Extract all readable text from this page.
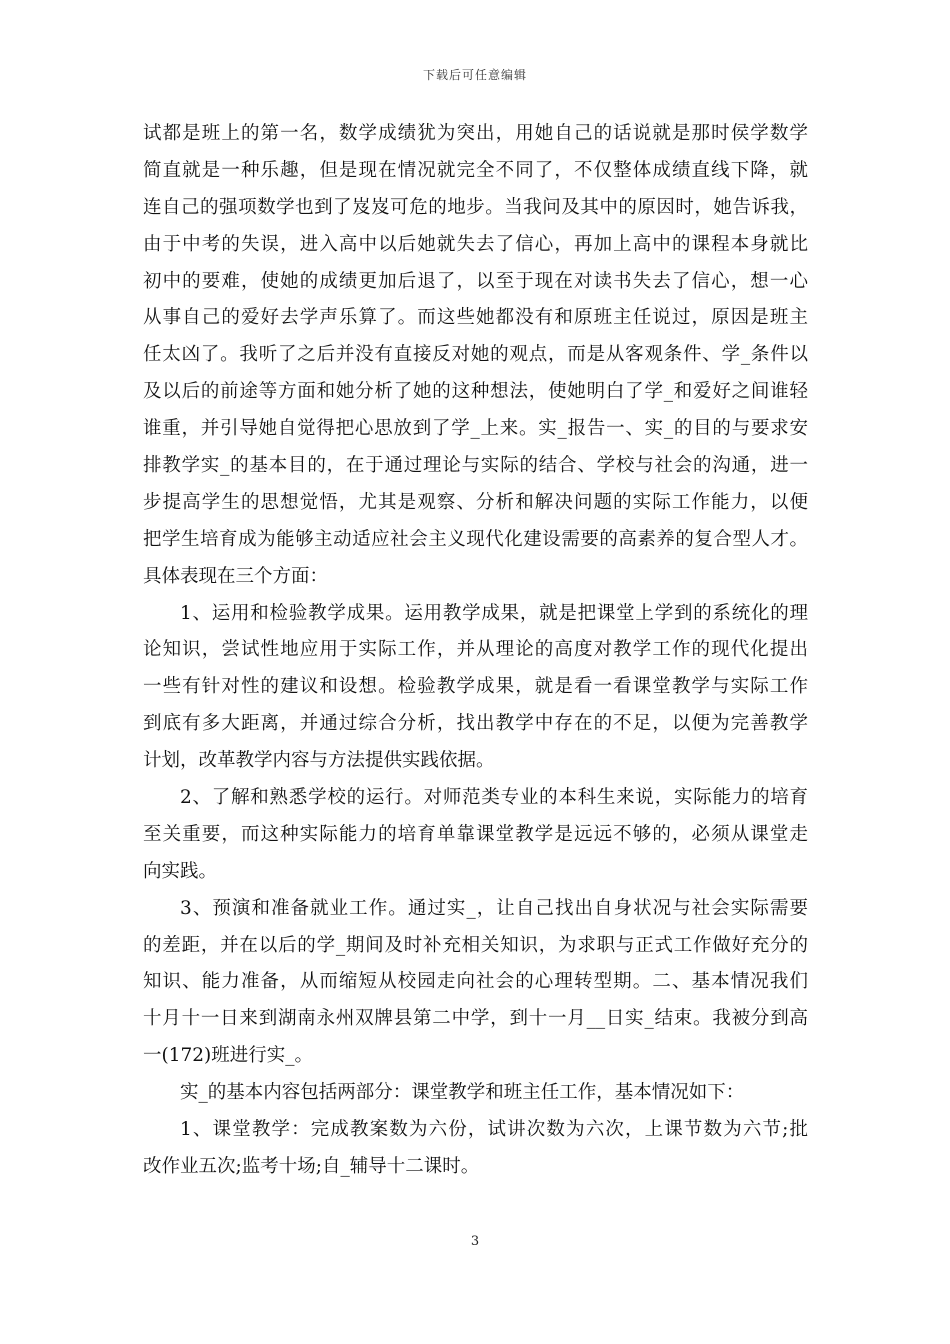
下载后可任意编辑
试都是班上的第一名，数学成绩犹为突出，用她自己的话说就是那时侯学数学
简直就是一种乐趣，但是现在情况就完全不同了，不仅整体成绩直线下降，就
连自己的强项数学也到了岌岌可危的地步。当我问及其中的原因时，她告诉我，
由于中考的失误，进入高中以后她就失去了信心，再加上高中的课程本身就比
初中的要难，使她的成绩更加后退了，以至于现在对读书失去了信心，想一心
从事自己的爱好去学声乐算了。而这些她都没有和原班主任说过，原因是班主
任太凶了。我听了之后并没有直接反对她的观点，而是从客观条件、学_条件以
及以后的前途等方面和她分析了她的这种想法，使她明白了学_和爱好之间谁轻
谁重，并引导她自觉得把心思放到了学_上来。实_报告一、实_的目的与要求安
排教学实_的基本目的，在于通过理论与实际的结合、学校与社会的沟通，进一
步提高学生的思想觉悟，尤其是观察、分析和解决问题的实际工作能力，以便
把学生培育成为能够主动适应社会主义现代化建设需要的高素养的复合型人才。
具体表现在三个方面：
1、运用和检验教学成果。运用教学成果，就是把课堂上学到的系统化的理
论知识，尝试性地应用于实际工作，并从理论的高度对教学工作的现代化提出
一些有针对性的建议和设想。检验教学成果，就是看一看课堂教学与实际工作
到底有多大距离，并通过综合分析，找出教学中存在的不足，以便为完善教学
计划，改革教学内容与方法提供实践依据。
2、了解和熟悉学校的运行。对师范类专业的本科生来说，实际能力的培育
至关重要，而这种实际能力的培育单靠课堂教学是远远不够的，必须从课堂走
向实践。
3、预演和准备就业工作。通过实_，让自己找出自身状况与社会实际需要
的差距，并在以后的学_期间及时补充相关知识，为求职与正式工作做好充分的
知识、能力准备，从而缩短从校园走向社会的心理转型期。二、基本情况我们
十月十一日来到湖南永州双牌县第二中学，到十一月__日实_结束。我被分到高
一(172)班进行实_。
实_的基本内容包括两部分：课堂教学和班主任工作，基本情况如下：
1、课堂教学：完成教案数为六份，试讲次数为六次，上课节数为六节;批
改作业五次;监考十场;自_辅导十二课时。
3
